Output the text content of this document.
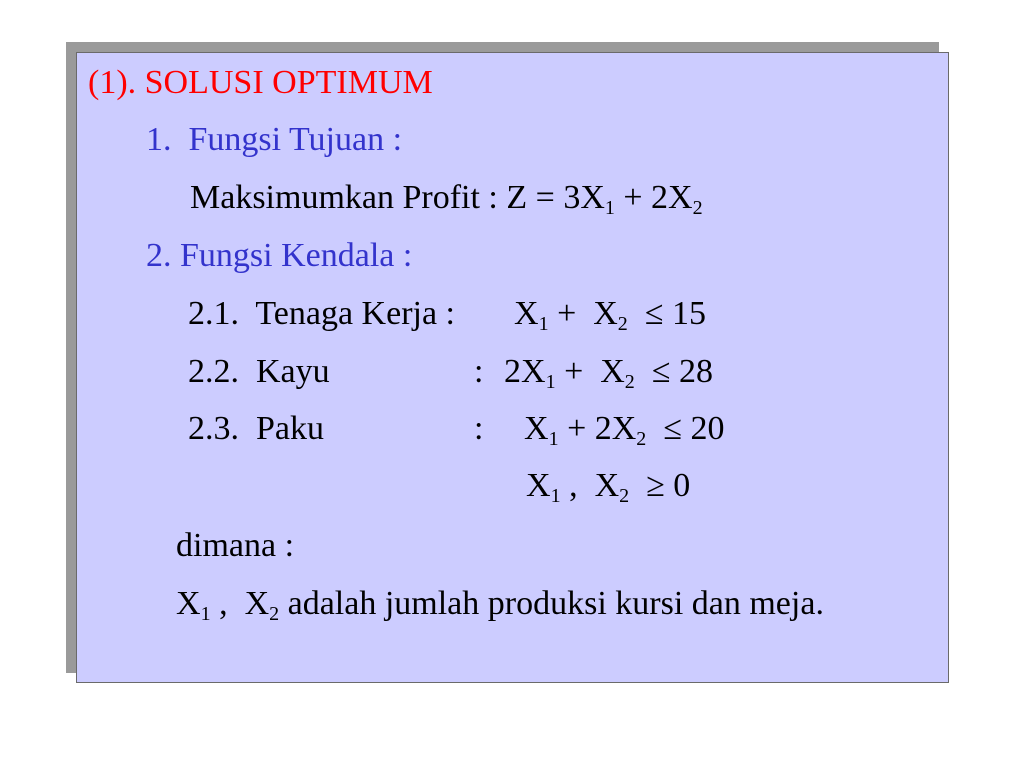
(1). SOLUSI OPTIMUM
1.  Fungsi Tujuan :
Maksimumkan Profit : $Z = 3X_1 + 2X_2$
2. Fungsi Kendala :

2.1.  Tenaga Kerja :

$X_1 + X_2 \le 15$

2.2.  Kayu

	:

$2X_1 + X_2 \le 28$

2.3.  Paku

	:

$X_1 + 2X_2 \le 20$

$X_1$ ,  $X_2 \ge 0$
dimana :
$X_1$ ,  $X_2$ adalah jumlah produksi kursi dan meja.
